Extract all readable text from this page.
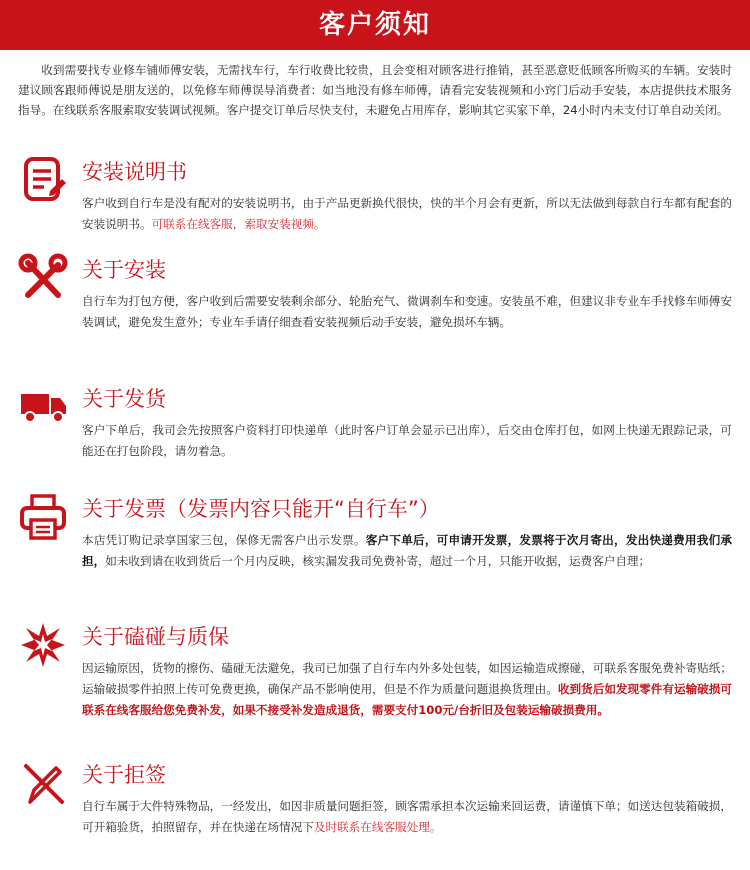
客户须知

收到需要找专业修车铺师傅安装，无需找车行，车行收费比较贵，且会变相对顾客进行推销，甚至恶意贬低顾客所购买的车辆。安装时建议顾客跟师傅说是朋友送的，以免修车师傅误导消费者：如当地没有修车师傅，请看完安装视频和小窍门后动手安装，本店提供技术服务指导。在线联系客服索取安装调试视频。客户提交订单后尽快支付，未避免占用库存，影响其它买家下单，24小时内未支付订单自动关闭。

安装说明书

客户收到自行车是没有配对的安装说明书，由于产品更新换代很快，快的半个月会有更新，所以无法做到每款自行车都有配套的安装说明书。可联系在线客服，索取安装视频。

关于安装

自行车为打包方便，客户收到后需要安装剩余部分、轮胎充气、微调刹车和变速。安装虽不难，但建议非专业车手找修车师傅安装调试，避免发生意外；专业车手请仔细查看安装视频后动手安装，避免损坏车辆。

关于发货

客户下单后，我司会先按照客户资料打印快递单（此时客户订单会显示已出库），后交由仓库打包，如网上快递无跟踪记录，可能还在打包阶段，请勿着急。

关于发票（发票内容只能开“自行车”）

本店凭订购记录享国家三包，保修无需客户出示发票。客户下单后，可申请开发票，发票将于次月寄出，发出快递费用我们承担，如未收到请在收到货后一个月内反映，核实漏发我司免费补寄，超过一个月，只能开收据，运费客户自理；

关于磕碰与质保

因运输原因，货物的擦伤、磕碰无法避免，我司已加强了自行车内外多处包装，如因运输造成擦碰，可联系客服免费补寄贴纸；运输破损零件拍照上传可免费更换，确保产品不影响使用，但是不作为质量问题退换货理由。收到货后如发现零件有运输破损可联系在线客服给您免费补发，如果不接受补发造成退货，需要支付100元/台折旧及包装运输破损费用。

关于拒签

自行车属于大件特殊物品，一经发出，如因非质量问题拒签，顾客需承担本次运输来回运费，请谨慎下单；如送达包装箱破损，可开箱验货，拍照留存，并在快递在场情况下及时联系在线客服处理。
